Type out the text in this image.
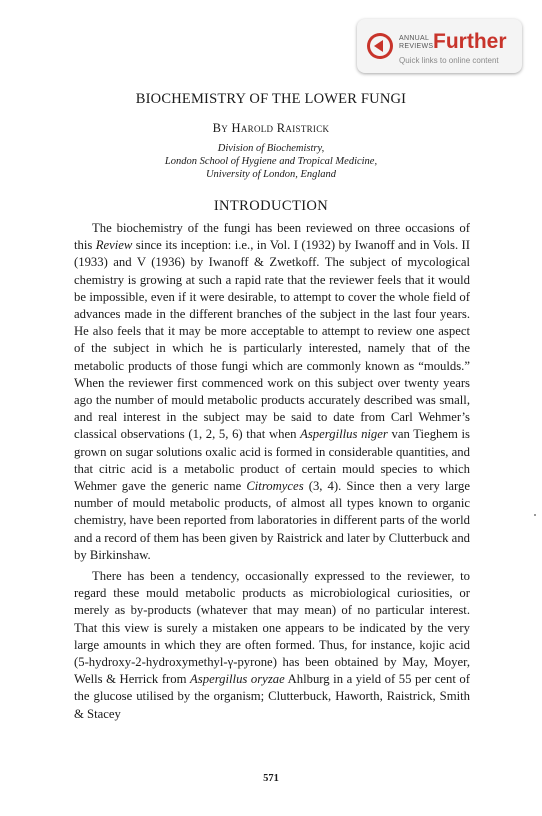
ANNUAL
REVIEWS Further
Quick links to online content
BIOCHEMISTRY OF THE LOWER FUNGI
By Harold Raistrick
Division of Biochemistry,
London School of Hygiene and Tropical Medicine,
University of London, England
INTRODUCTION

The biochemistry of the fungi has been reviewed on three occasions of this Review since its inception: i.e., in Vol. I (1932) by Iwanoff and in Vols. II (1933) and V (1936) by Iwanoff & Zwetkoff. The subject of mycological chemistry is growing at such a rapid rate that the reviewer feels that it would be impossible, even if it were desirable, to attempt to cover the whole field of advances made in the different branches of the subject in the last four years. He also feels that it may be more acceptable to attempt to review one aspect of the subject in which he is particularly interested, namely that of the metabolic products of those fungi which are commonly known as “moulds.” When the reviewer first commenced work on this subject over twenty years ago the number of mould metabolic products accurately described was small, and real interest in the subject may be said to date from Carl Wehmer’s classical observations (1, 2, 5, 6) that when Aspergillus niger van Tieghem is grown on sugar solutions oxalic acid is formed in considerable quantities, and that citric acid is a metabolic product of certain mould species to which Wehmer gave the generic name Citromyces (3, 4). Since then a very large number of mould metabolic products, of almost all types known to organic chemistry, have been reported from laboratories in different parts of the world and a record of them has been given by Raistrick and later by Clutterbuck and by Birkinshaw.

There has been a tendency, occasionally expressed to the reviewer, to regard these mould metabolic products as microbiological curiosities, or merely as by-products (whatever that may mean) of no particular interest. That this view is surely a mistaken one appears to be indicated by the very large amounts in which they are often formed. Thus, for instance, kojic acid (5-hydroxy-2-hydroxymethyl-γ-pyrone) has been obtained by May, Moyer, Wells & Herrick from Aspergillus oryzae Ahlburg in a yield of 55 per cent of the glucose utilised by the organism; Clutterbuck, Haworth, Raistrick, Smith & Stacey

571
